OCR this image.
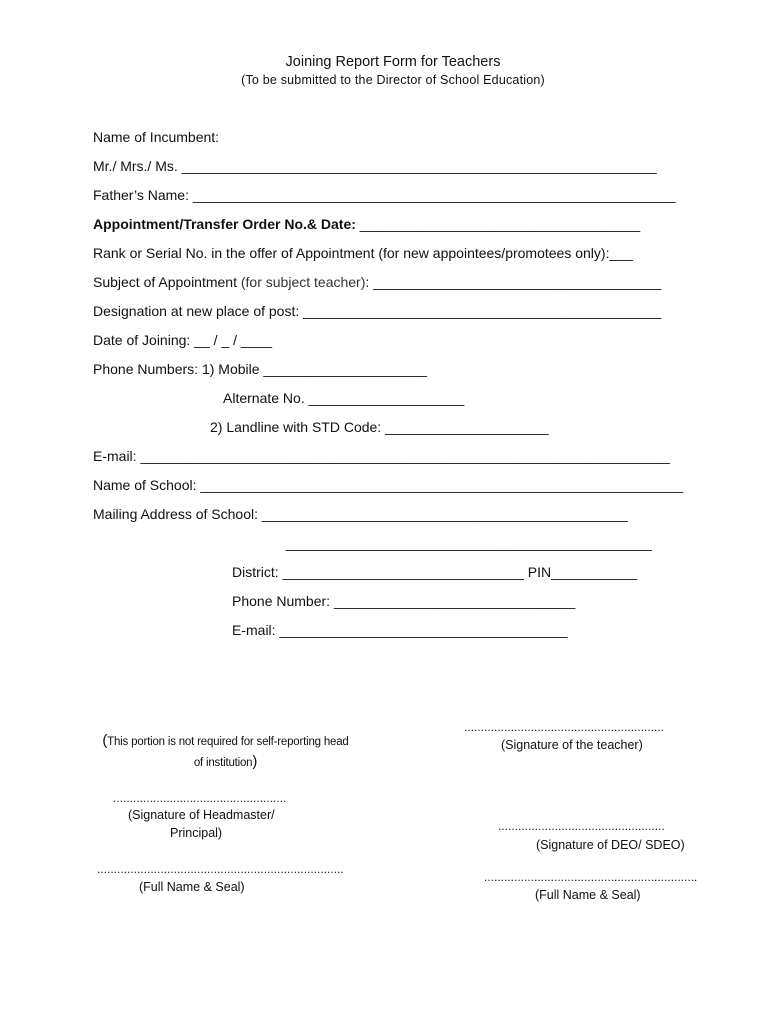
Joining Report Form for Teachers
(To be submitted to the Director of School Education)
Name of Incumbent:
Mr./ Mrs./ Ms. _____________________________________________________________
Father’s Name: ______________________________________________________________
Appointment/Transfer Order No.& Date: ____________________________________
Rank or Serial No. in the offer of Appointment (for new appointees/promotees only):___
Subject of Appointment (for subject teacher): _____________________________________
Designation at new place of post: ______________________________________________
Date of Joining: __ / _ / ____
Phone Numbers: 1) Mobile _____________________
Alternate No. ____________________
2) Landline with STD Code: _____________________
E-mail: ____________________________________________________________________
Name of School: ______________________________________________________________
Mailing Address of School: _______________________________________________
_______________________________________________
District: _______________________________ PIN___________
Phone Number: _______________________________
E-mail: _____________________________________
............................................................
(Signature of the teacher)
(This portion is not required for self-reporting head
of institution)
....................................................
(Signature of Headmaster/
Principal)	..................................................
(Signature of DEO/ SDEO)
..........................................................................
(Full Name & Seal)
................................................................
(Full Name & Seal)
